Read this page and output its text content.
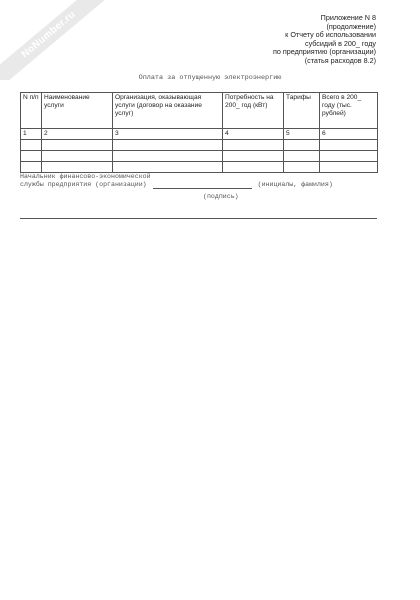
NoNumber.ru	Приложение N 8
(продолжение)
к Отчету об использовании
субсидий в 200_ году
по предприятию (организации)
(статья расходов 8.2)
Оплата за отпущенную электроэнергию
N п/п	Наименование услуги	Организация, оказывающая услуги (договор на оказание услуг)	Потребность на 200_ год (кВт)	Тарифы	Всего в 200_ году (тыс. рублей)
1	2	3	4	5	6

Начальник финансово-экономической
службы предприятия (организации)	(инициалы, фамилия)
(подпись)
